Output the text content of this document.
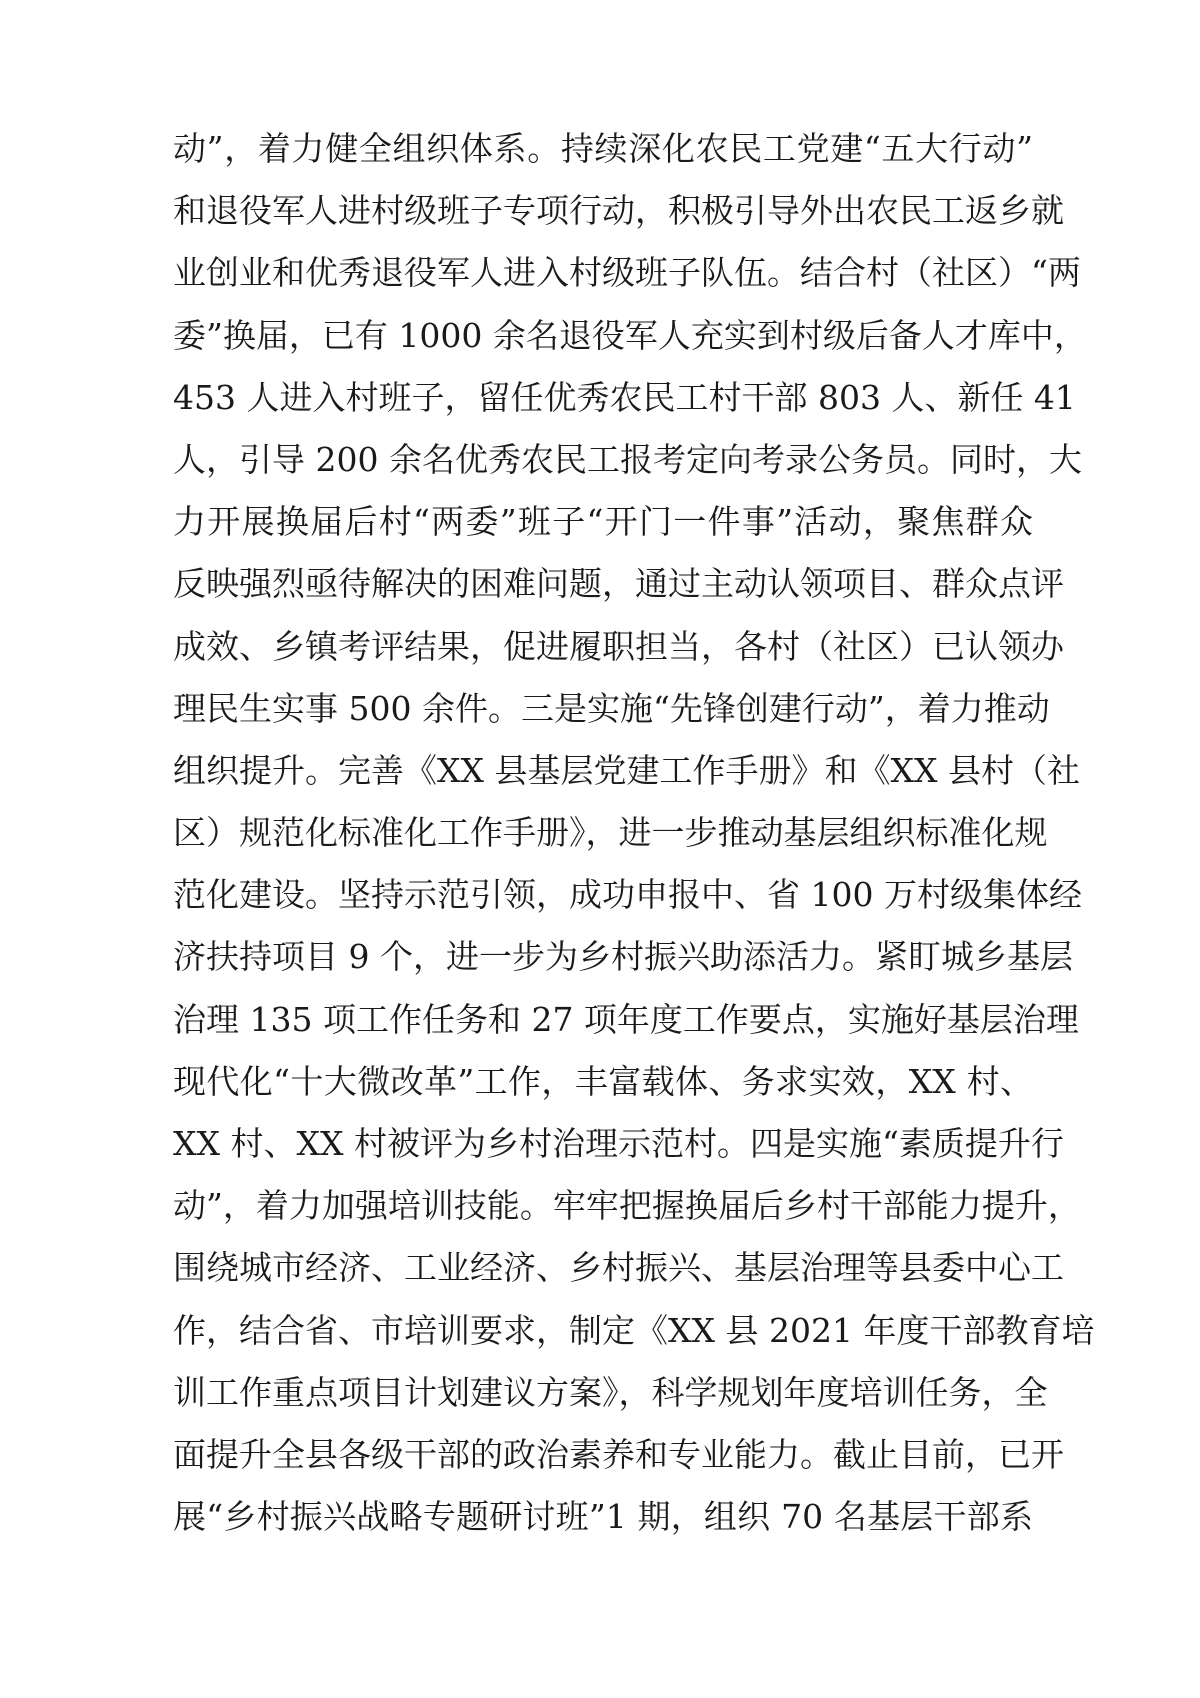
动”，着力健全组织体系。持续深化农民工党建“五大行动”
和退役军人进村级班子专项行动，积极引导外出农民工返乡就
业创业和优秀退役军人进入村级班子队伍。结合村（社区）“两
委”换届，已有 1000 余名退役军人充实到村级后备人才库中，
453 人进入村班子，留任优秀农民工村干部 803 人、新任 41
人，引导 200 余名优秀农民工报考定向考录公务员。同时，大
力开展换届后村“两委”班子“开门一件事”活动，聚焦群众
反映强烈亟待解决的困难问题，通过主动认领项目、群众点评
成效、乡镇考评结果，促进履职担当，各村（社区）已认领办
理民生实事 500 余件。三是实施“先锋创建行动”，着力推动
组织提升。完善《XX 县基层党建工作手册》和《XX 县村（社
区）规范化标准化工作手册》，进一步推动基层组织标准化规
范化建设。坚持示范引领，成功申报中、省 100 万村级集体经
济扶持项目 9 个，进一步为乡村振兴助添活力。紧盯城乡基层
治理 135 项工作任务和 27 项年度工作要点，实施好基层治理
现代化“十大微改革”工作，丰富载体、务求实效，XX 村、
XX 村、XX 村被评为乡村治理示范村。四是实施“素质提升行
动”，着力加强培训技能。牢牢把握换届后乡村干部能力提升，
围绕城市经济、工业经济、乡村振兴、基层治理等县委中心工
作，结合省、市培训要求，制定《XX 县 2021 年度干部教育培
训工作重点项目计划建议方案》，科学规划年度培训任务，全
面提升全县各级干部的政治素养和专业能力。截止目前，已开
展“乡村振兴战略专题研讨班”1 期，组织 70 名基层干部系
